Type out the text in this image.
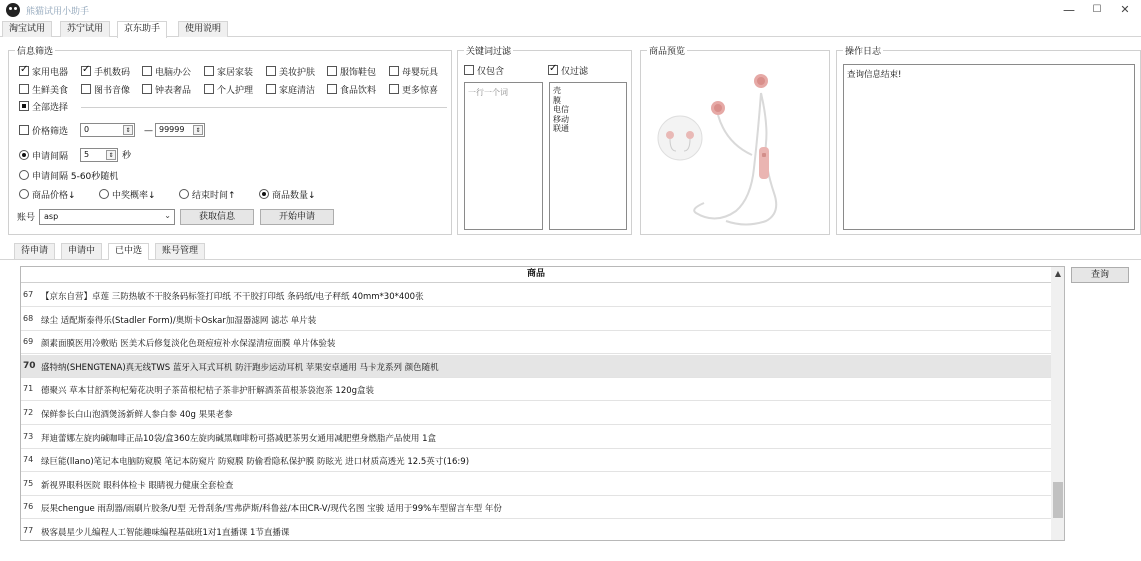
熊猫试用小助手	—	☐	✕
淘宝试用	苏宁试用	京东助手	使用说明
信息筛选
✓家用电器 ✓	手机数码	电脑办公	家居家装	美妆护肤	服饰鞋包	母婴玩具
生鲜美食	图书音像	钟表奢品	个人护理	家庭清洁	食品饮料	更多惊喜
全部选择
价格筛选 0	⇕ — 99999	⇕
申请间隔 5	⇕ 秒
申请间隔 5-60秒随机
商品价格↓	中奖概率↓	结束时间↑	商品数量↓
账号 asp	⌄	获取信息	开始申请
关键词过滤
仅包含 ✓	仅过滤
一行一个词	壳
膜
电信
移动
联通
商品预览	操作日志
查询信息结束!
待申请	申请中	已中选	账号管理
商品
67 【京东自营】卓莲 三防热敏不干胶条码标签打印纸 不干胶打印纸 条码纸/电子秤纸 40mm*30*400张
68 绿尘 适配斯泰得乐(Stadler Form)/奥斯卡Oskar加湿器滤网 滤芯 单片装
69 颜素面膜医用冷敷贴 医美术后修复淡化色斑痘痘补水保湿清痘面膜 单片体验装
70 盛特纳(SHENGTENA)真无线TWS 蓝牙入耳式耳机 防汗跑步运动耳机 苹果安卓通用 马卡龙系列 颜色随机
71 德聚兴 草本甘舒茶枸杞菊花决明子茶苗根杞桔子茶非护肝解酒茶苗根茶袋泡茶 120g盒装
72 保鲜参长白山泡酒煲汤新鲜人参白参 40g 果果老参
73 拜迪蕾娜左旋肉碱咖啡正品10袋/盒360左旋肉碱黑咖啡粉可搭减肥茶男女通用减肥塑身燃脂产品使用 1盒
74 绿巨能(llano)笔记本电脑防窥膜 笔记本防窥片 防窥膜 防偷看隐私保护膜 防眩光 进口材质高透光 12.5英寸(16:9)
75 新视界眼科医院 眼科体检卡 眼睛视力健康全套检查
76 辰果chengue 雨刮器/雨刷片胶条/U型 无骨刮条/雪弗萨斯/科鲁兹/本田CR-V/现代名图 宝骏 适用于99%车型留言车型 年份
77 极客晨星少儿编程人工智能趣味编程基础班1对1直播课 1节直播课
▲	查询
